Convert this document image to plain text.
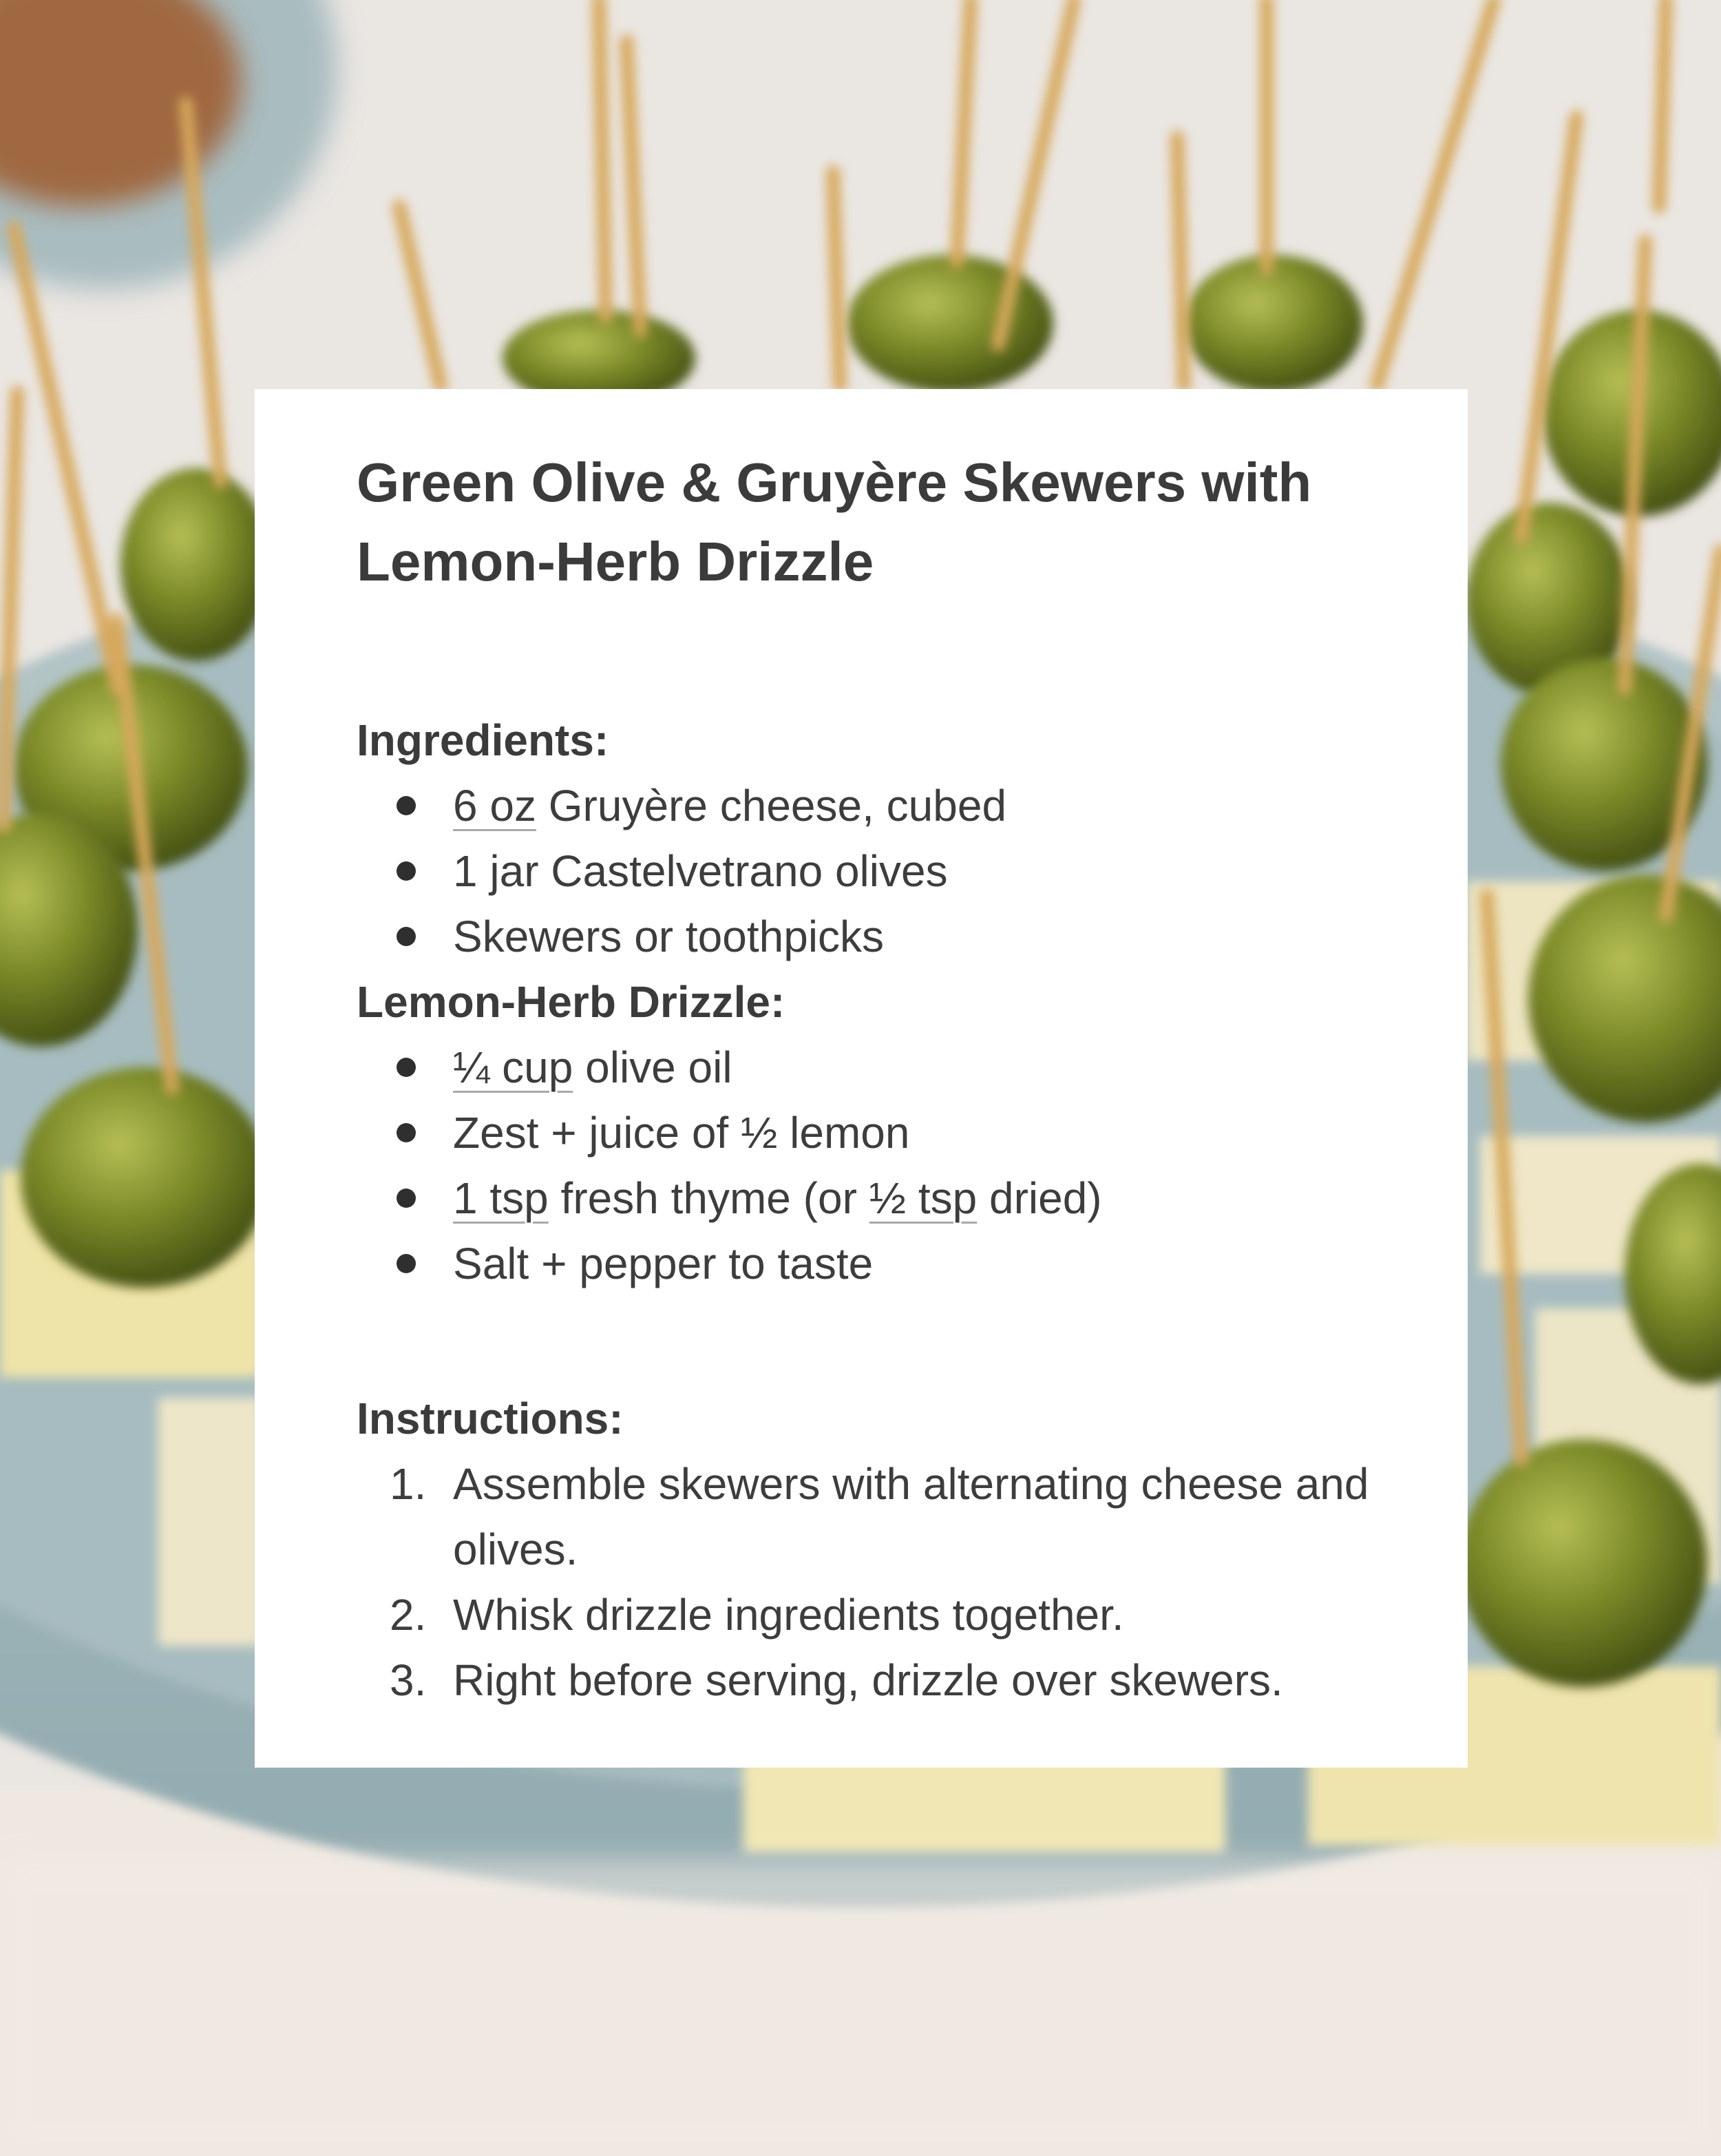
Green Olive & Gruyère Skewers with
Lemon-Herb Drizzle
Ingredients:
6 oz Gruyère cheese, cubed
1 jar Castelvetrano olives
Skewers or toothpicks
Lemon-Herb Drizzle:
¼ cup olive oil
Zest + juice of ½ lemon
1 tsp fresh thyme (or ½ tsp dried)
Salt + pepper to taste
Instructions:
1. Assemble skewers with alternating cheese and olives.
2. Whisk drizzle ingredients together.
3. Right before serving, drizzle over skewers.
